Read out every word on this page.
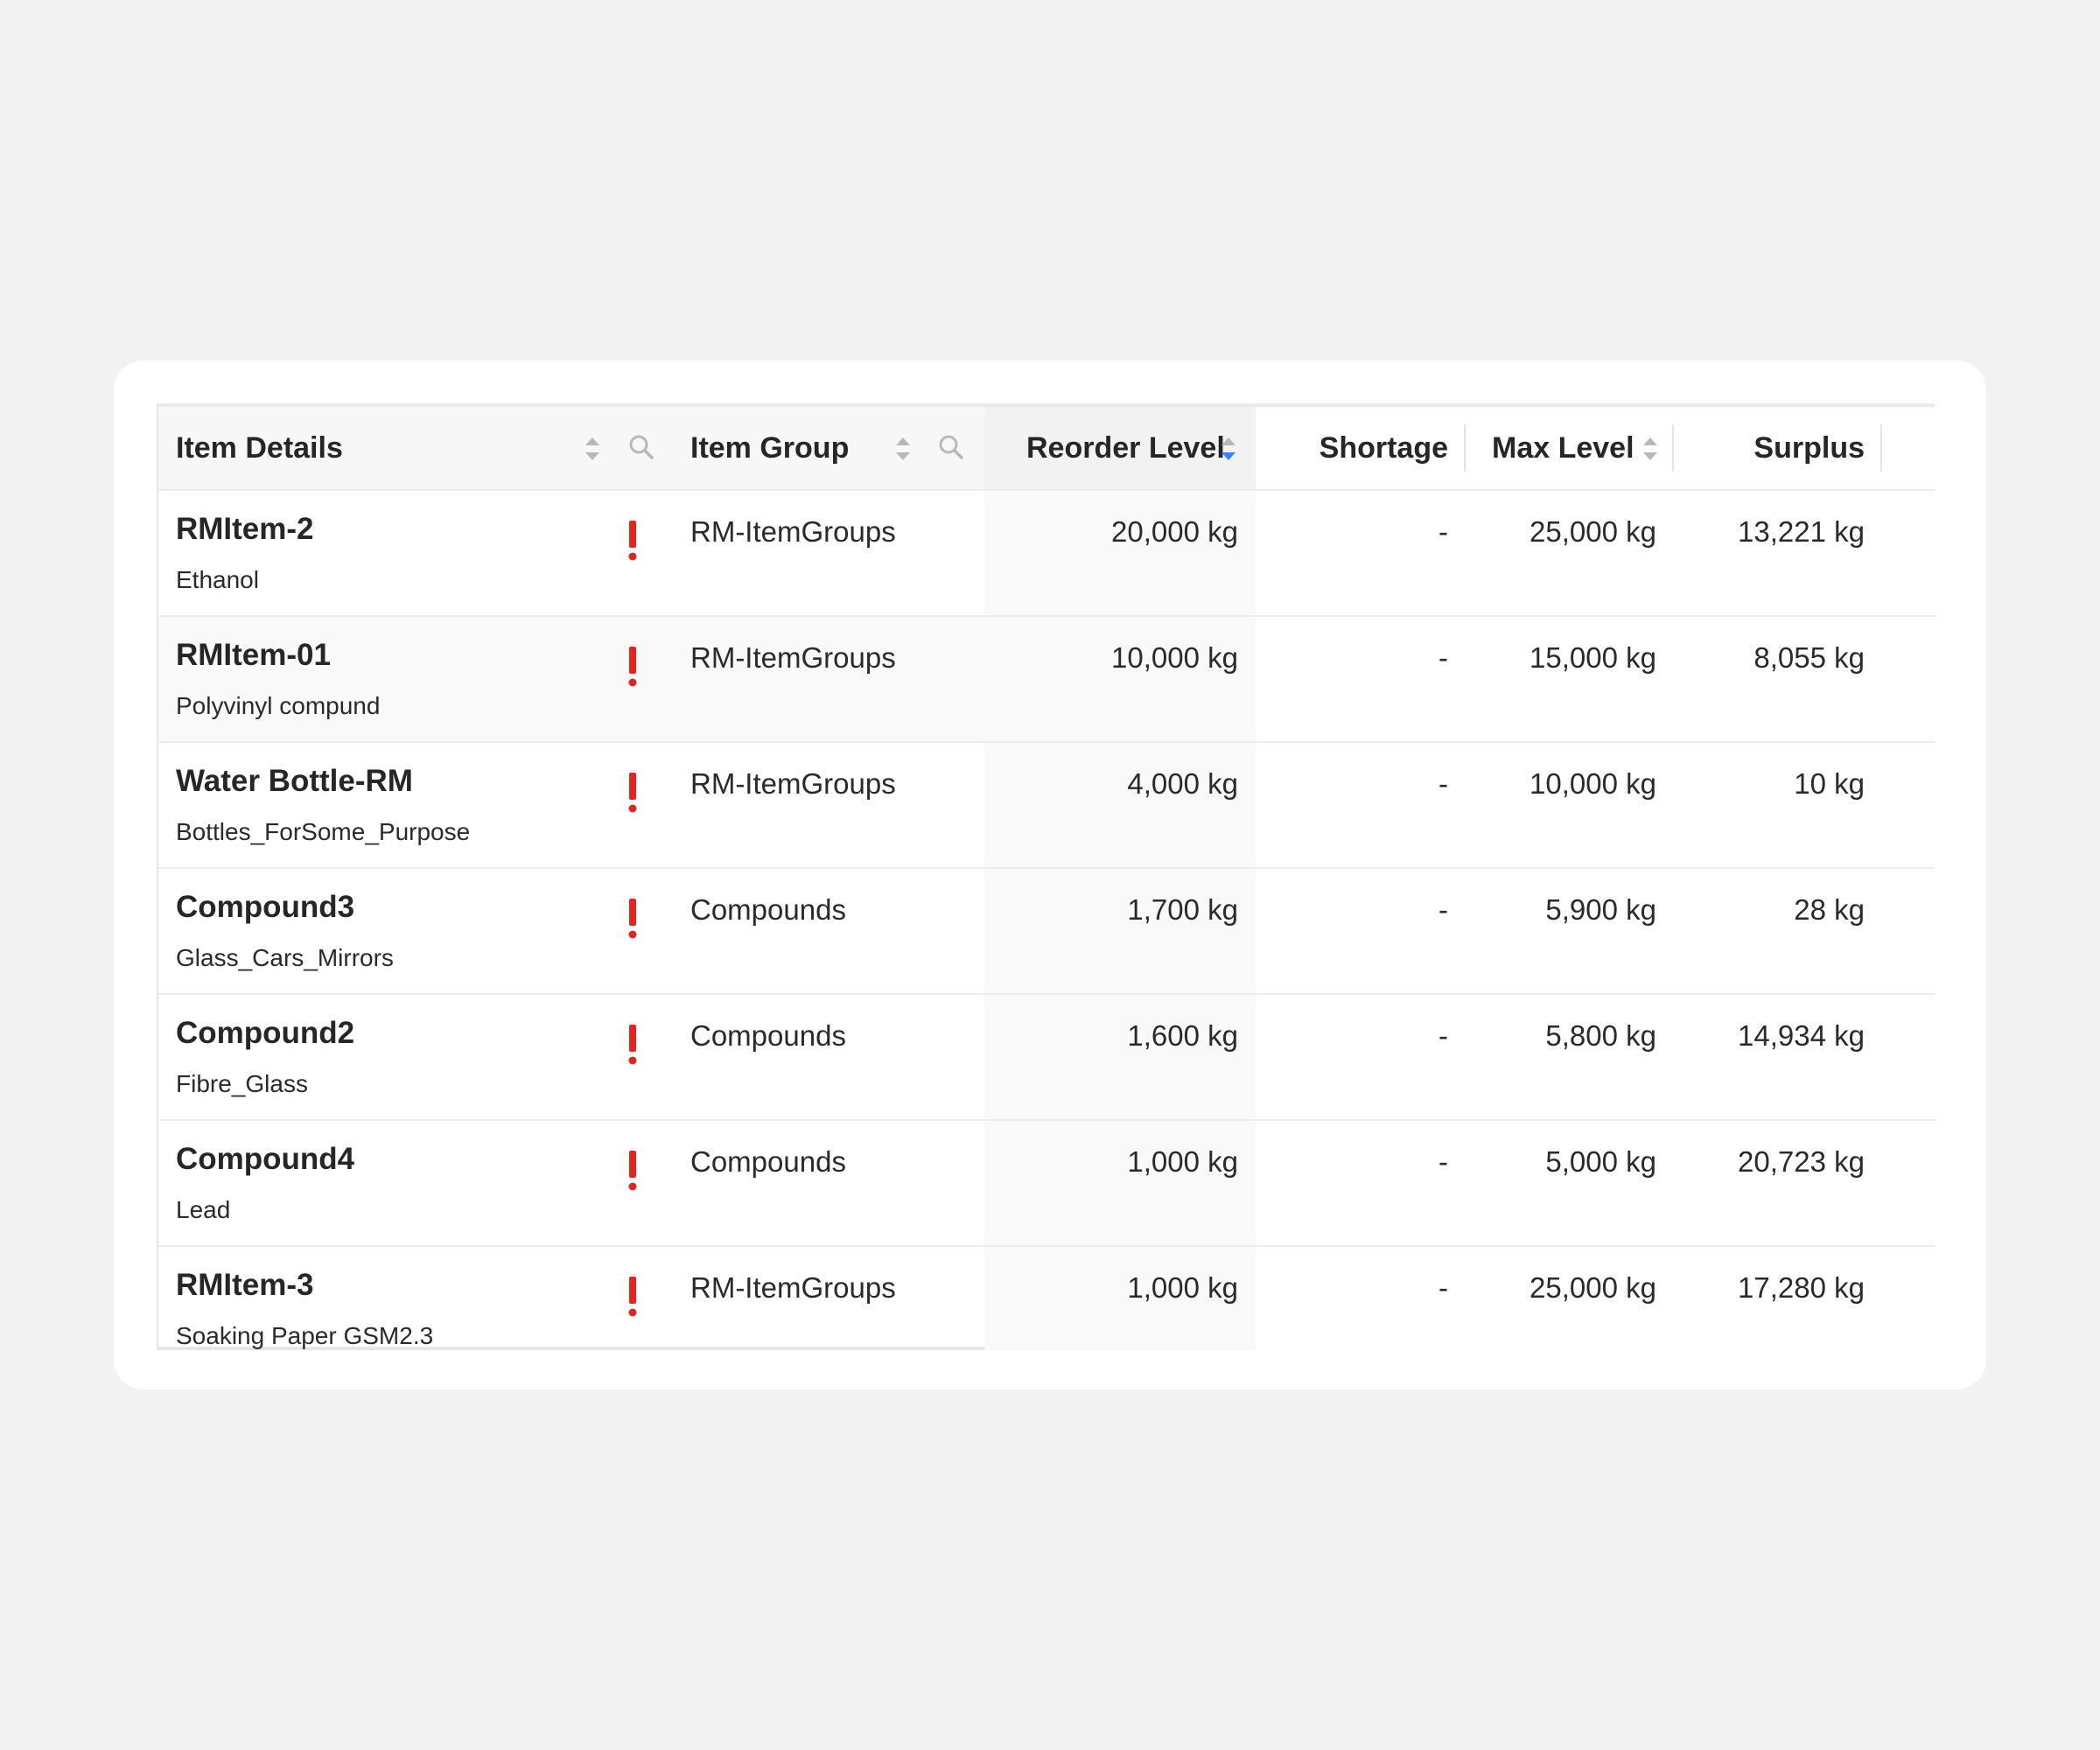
Item Details	Item Group	Reorder Level	Shortage Max Level	Surplus
RMItem-2
Ethanol
RM-ItemGroups	20,000 kg	-	25,000 kg	13,221 kg
RMItem-01
Polyvinyl compund
RM-ItemGroups	10,000 kg	-	15,000 kg	8,055 kg
Water Bottle-RM
Bottles_ForSome_Purpose
RM-ItemGroups	4,000 kg	-	10,000 kg	10 kg
Compound3
Glass_Cars_Mirrors
Compounds	1,700 kg	-	5,900 kg	28 kg
Compound2
Fibre_Glass
Compounds	1,600 kg	-	5,800 kg	14,934 kg
Compound4
Lead
Compounds	1,000 kg	-	5,000 kg	20,723 kg
RMItem-3
Soaking Paper GSM2.3
RM-ItemGroups	1,000 kg	-	25,000 kg	17,280 kg
